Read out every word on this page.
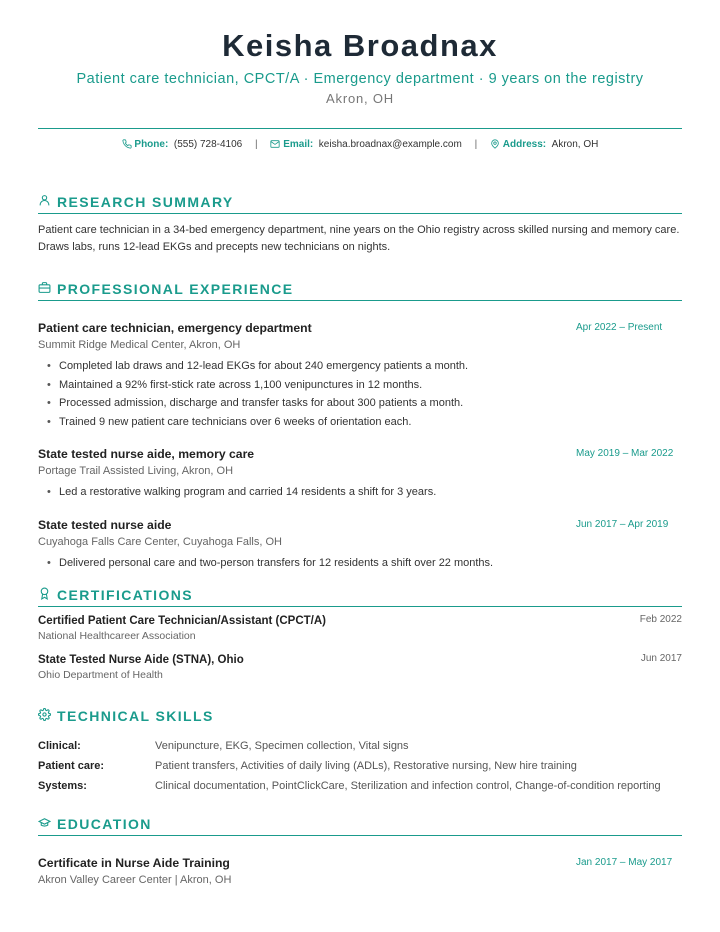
Keisha Broadnax
Patient care technician, CPCT/A · Emergency department · 9 years on the registry
Akron, OH
Phone: (555) 728-4106 |	Email: keisha.broadnax@example.com |	Address: Akron, OH
RESEARCH SUMMARY
Patient care technician in a 34-bed emergency department, nine years on the Ohio registry across skilled nursing and memory care. Draws labs, runs 12-lead EKGs and precepts new technicians on nights.
PROFESSIONAL EXPERIENCE
Patient care technician, emergency department
Summit Ridge Medical Center, Akron, OH
Apr 2022 – Present
• Completed lab draws and 12-lead EKGs for about 240 emergency patients a month.
• Maintained a 92% first-stick rate across 1,100 venipunctures in 12 months.
• Processed admission, discharge and transfer tasks for about 300 patients a month.
• Trained 9 new patient care technicians over 6 weeks of orientation each.
State tested nurse aide, memory care
Portage Trail Assisted Living, Akron, OH
May 2019 – Mar 2022
• Led a restorative walking program and carried 14 residents a shift for 3 years.
State tested nurse aide
Cuyahoga Falls Care Center, Cuyahoga Falls, OH
Jun 2017 – Apr 2019
• Delivered personal care and two-person transfers for 12 residents a shift over 22 months.
CERTIFICATIONS
Certified Patient Care Technician/Assistant (CPCT/A)
National Healthcareer Association
Feb 2022
State Tested Nurse Aide (STNA), Ohio
Ohio Department of Health
Jun 2017
TECHNICAL SKILLS
Clinical:	Venipuncture, EKG, Specimen collection, Vital signs
Patient care:	Patient transfers, Activities of daily living (ADLs), Restorative nursing, New hire training
Systems:	Clinical documentation, PointClickCare, Sterilization and infection control, Change-of-condition reporting
EDUCATION
Certificate in Nurse Aide Training
Akron Valley Career Center | Akron, OH
Jan 2017 – May 2017
